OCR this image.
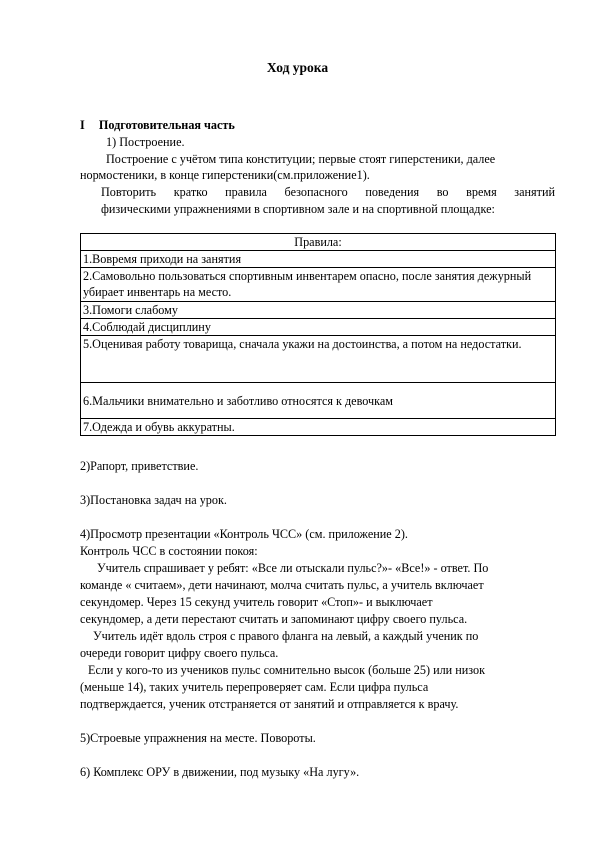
Ход урока
I Подготовительная часть
1) Построение.
Построение с учётом типа конституции; первые стоят гиперстеники, далее
нормостеники, в конце гиперстеники(см.приложение1).
Повторить кратко правила безопасного поведения во время занятий
физическими упражнениями в спортивном зале и на спортивной площадке:
Правила:
1.Вовремя приходи на занятия
2.Самовольно пользоваться спортивным инвентарем опасно, после занятия дежурный убирает инвентарь на место.
3.Помоги слабому
4.Соблюдай дисциплину
5.Оценивая работу товарища, сначала укажи на достоинства, а потом на недостатки.
6.Мальчики внимательно и заботливо относятся к девочкам
7.Одежда и обувь аккуратны.
2)Рапорт, приветствие.
3)Постановка задач на урок.
4)Просмотр презентации «Контроль ЧСС» (см. приложение 2).
Контроль ЧСС в состоянии покоя:
Учитель спрашивает у ребят: «Все ли отыскали пульс?»- «Все!» - ответ. По
команде « считаем», дети начинают, молча считать пульс, а учитель включает
секундомер. Через 15 секунд учитель говорит «Стоп»- и выключает
секундомер, а дети перестают считать и запоминают цифру своего пульса.
Учитель идёт вдоль строя с правого фланга на левый, а каждый ученик по
очереди говорит цифру своего пульса.
Если у кого-то из учеников пульс сомнительно высок (больше 25) или низок
(меньше 14), таких учитель перепроверяет сам. Если цифра пульса
подтверждается, ученик отстраняется от занятий и отправляется к врачу.
5)Строевые упражнения на месте. Повороты.
6) Комплекс ОРУ в движении, под музыку «На лугу».
